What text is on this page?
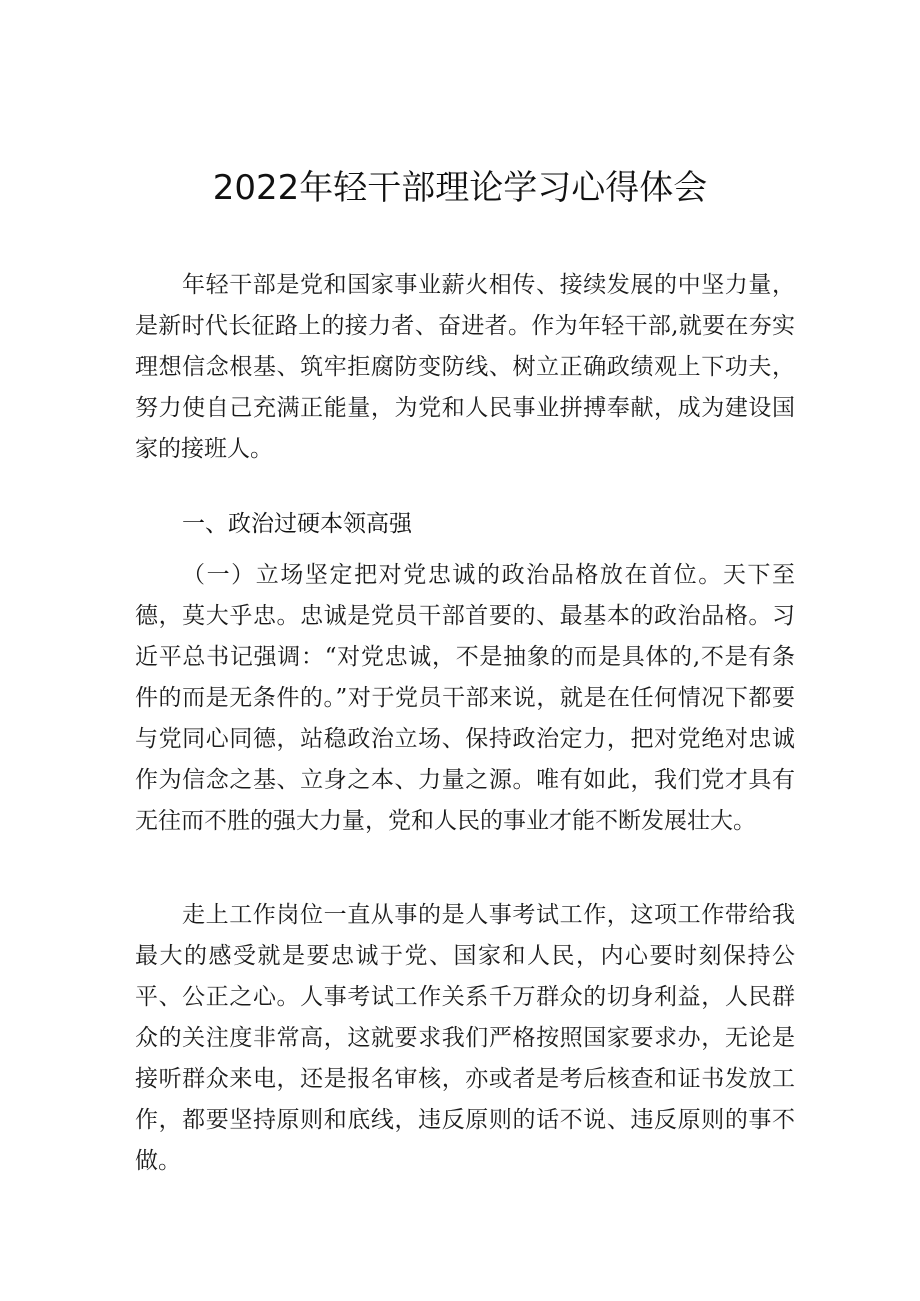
2022年轻干部理论学习心得体会

年轻干部是党和国家事业薪火相传、接续发展的中坚力量，是新时代长征路上的接力者、奋进者。作为年轻干部,就要在夯实理想信念根基、筑牢拒腐防变防线、树立正确政绩观上下功夫，努力使自己充满正能量，为党和人民事业拼搏奉献，成为建设国家的接班人。

一、政治过硬本领高强

（一）立场坚定把对党忠诚的政治品格放在首位。天下至德，莫大乎忠。忠诚是党员干部首要的、最基本的政治品格。习近平总书记强调：“对党忠诚，不是抽象的而是具体的,不是有条件的而是无条件的。”对于党员干部来说，就是在任何情况下都要与党同心同德，站稳政治立场、保持政治定力，把对党绝对忠诚作为信念之基、立身之本、力量之源。唯有如此，我们党才具有无往而不胜的强大力量，党和人民的事业才能不断发展壮大。

走上工作岗位一直从事的是人事考试工作，这项工作带给我最大的感受就是要忠诚于党、国家和人民，内心要时刻保持公平、公正之心。人事考试工作关系千万群众的切身利益，人民群众的关注度非常高，这就要求我们严格按照国家要求办，无论是接听群众来电，还是报名审核，亦或者是考后核查和证书发放工作，都要坚持原则和底线，违反原则的话不说、违反原则的事不做。
